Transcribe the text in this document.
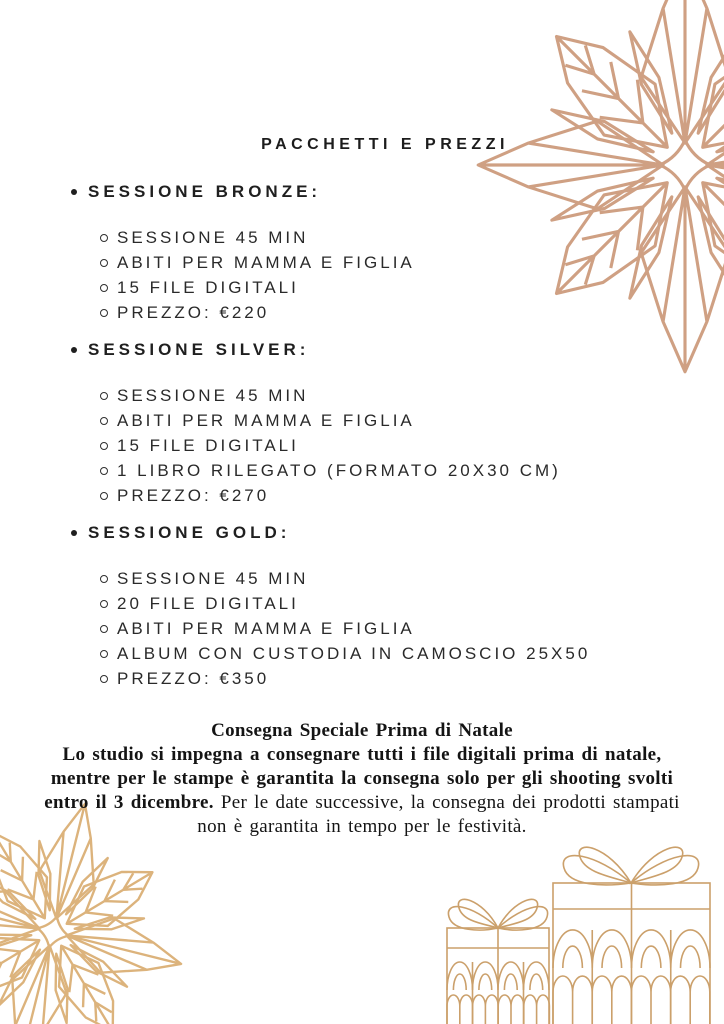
PACCHETTI E PREZZI
SESSIONE BRONZE:
SESSIONE 45 MIN
ABITI PER MAMMA E FIGLIA
15 FILE DIGITALI
PREZZO: €220
SESSIONE SILVER:
SESSIONE 45 MIN
ABITI PER MAMMA E FIGLIA
15 FILE DIGITALI
1 LIBRO RILEGATO (FORMATO 20X30 CM)
PREZZO: €270
SESSIONE GOLD:
SESSIONE 45 MIN
20 FILE DIGITALI
ABITI PER MAMMA E FIGLIA
ALBUM CON CUSTODIA IN CAMOSCIO 25X50
PREZZO: €350
Consegna Speciale Prima di Natale

Lo studio si impegna a consegnare tutti i file digitali prima di natale, mentre per le stampe è garantita la consegna solo per gli shooting svolti entro il 3 dicembre. Per le date successive, la consegna dei prodotti stampati non è garantita in tempo per le festività.
